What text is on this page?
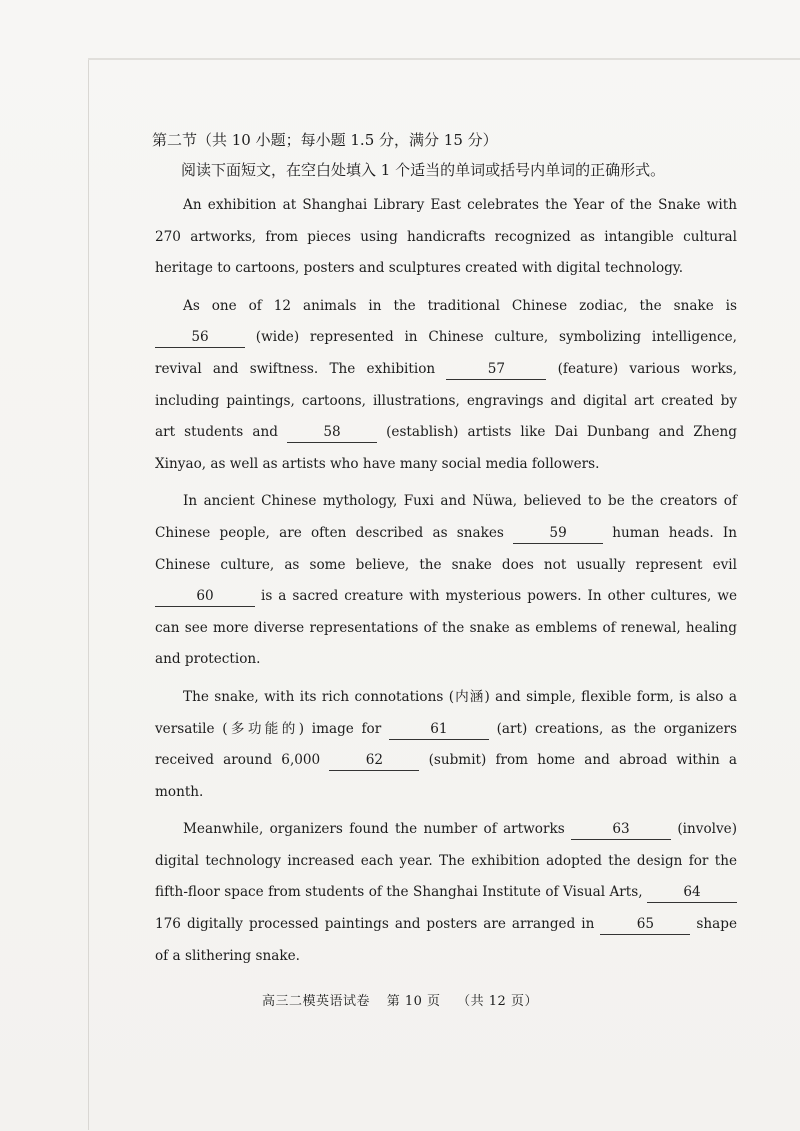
第二节（共 10 小题；每小题 1.5 分，满分 15 分）
阅读下面短文，在空白处填入 1 个适当的单词或括号内单词的正确形式。

An exhibition at Shanghai Library East celebrates the Year of the Snake with 270 artworks, from pieces using handicrafts recognized as intangible cultural heritage to cartoons, posters and sculptures created with digital technology.

As one of 12 animals in the traditional Chinese zodiac, the snake is 56	(wide) represented in Chinese culture, symbolizing intelligence, revival and swiftness. The exhibition	57	(feature) various works, including paintings, cartoons, illustrations, engravings and digital art created by art students and	58	(establish) artists like Dai Dunbang and Zheng Xinyao, as well as artists who have many social media followers.

In ancient Chinese mythology, Fuxi and Nüwa, believed to be the creators of Chinese people, are often described as snakes	59	human heads. In Chinese culture, as some believe, the snake does not usually represent evil 60	is a sacred creature with mysterious powers. In other cultures, we can see more diverse representations of the snake as emblems of renewal, healing and protection.

The snake, with its rich connotations (内涵) and simple, flexible form, is also a versatile (多功能的) image for	61	(art) creations, as the organizers received around 6,000	62	(submit) from home and abroad within a month.

Meanwhile, organizers found the number of artworks	63	(involve) digital technology increased each year. The exhibition adopted the design for the fifth-floor space from students of the Shanghai Institute of Visual Arts,	64 176 digitally processed paintings and posters are arranged in	65	shape of a slithering snake.

高三二模英语试卷 第 10 页 （共 12 页）
